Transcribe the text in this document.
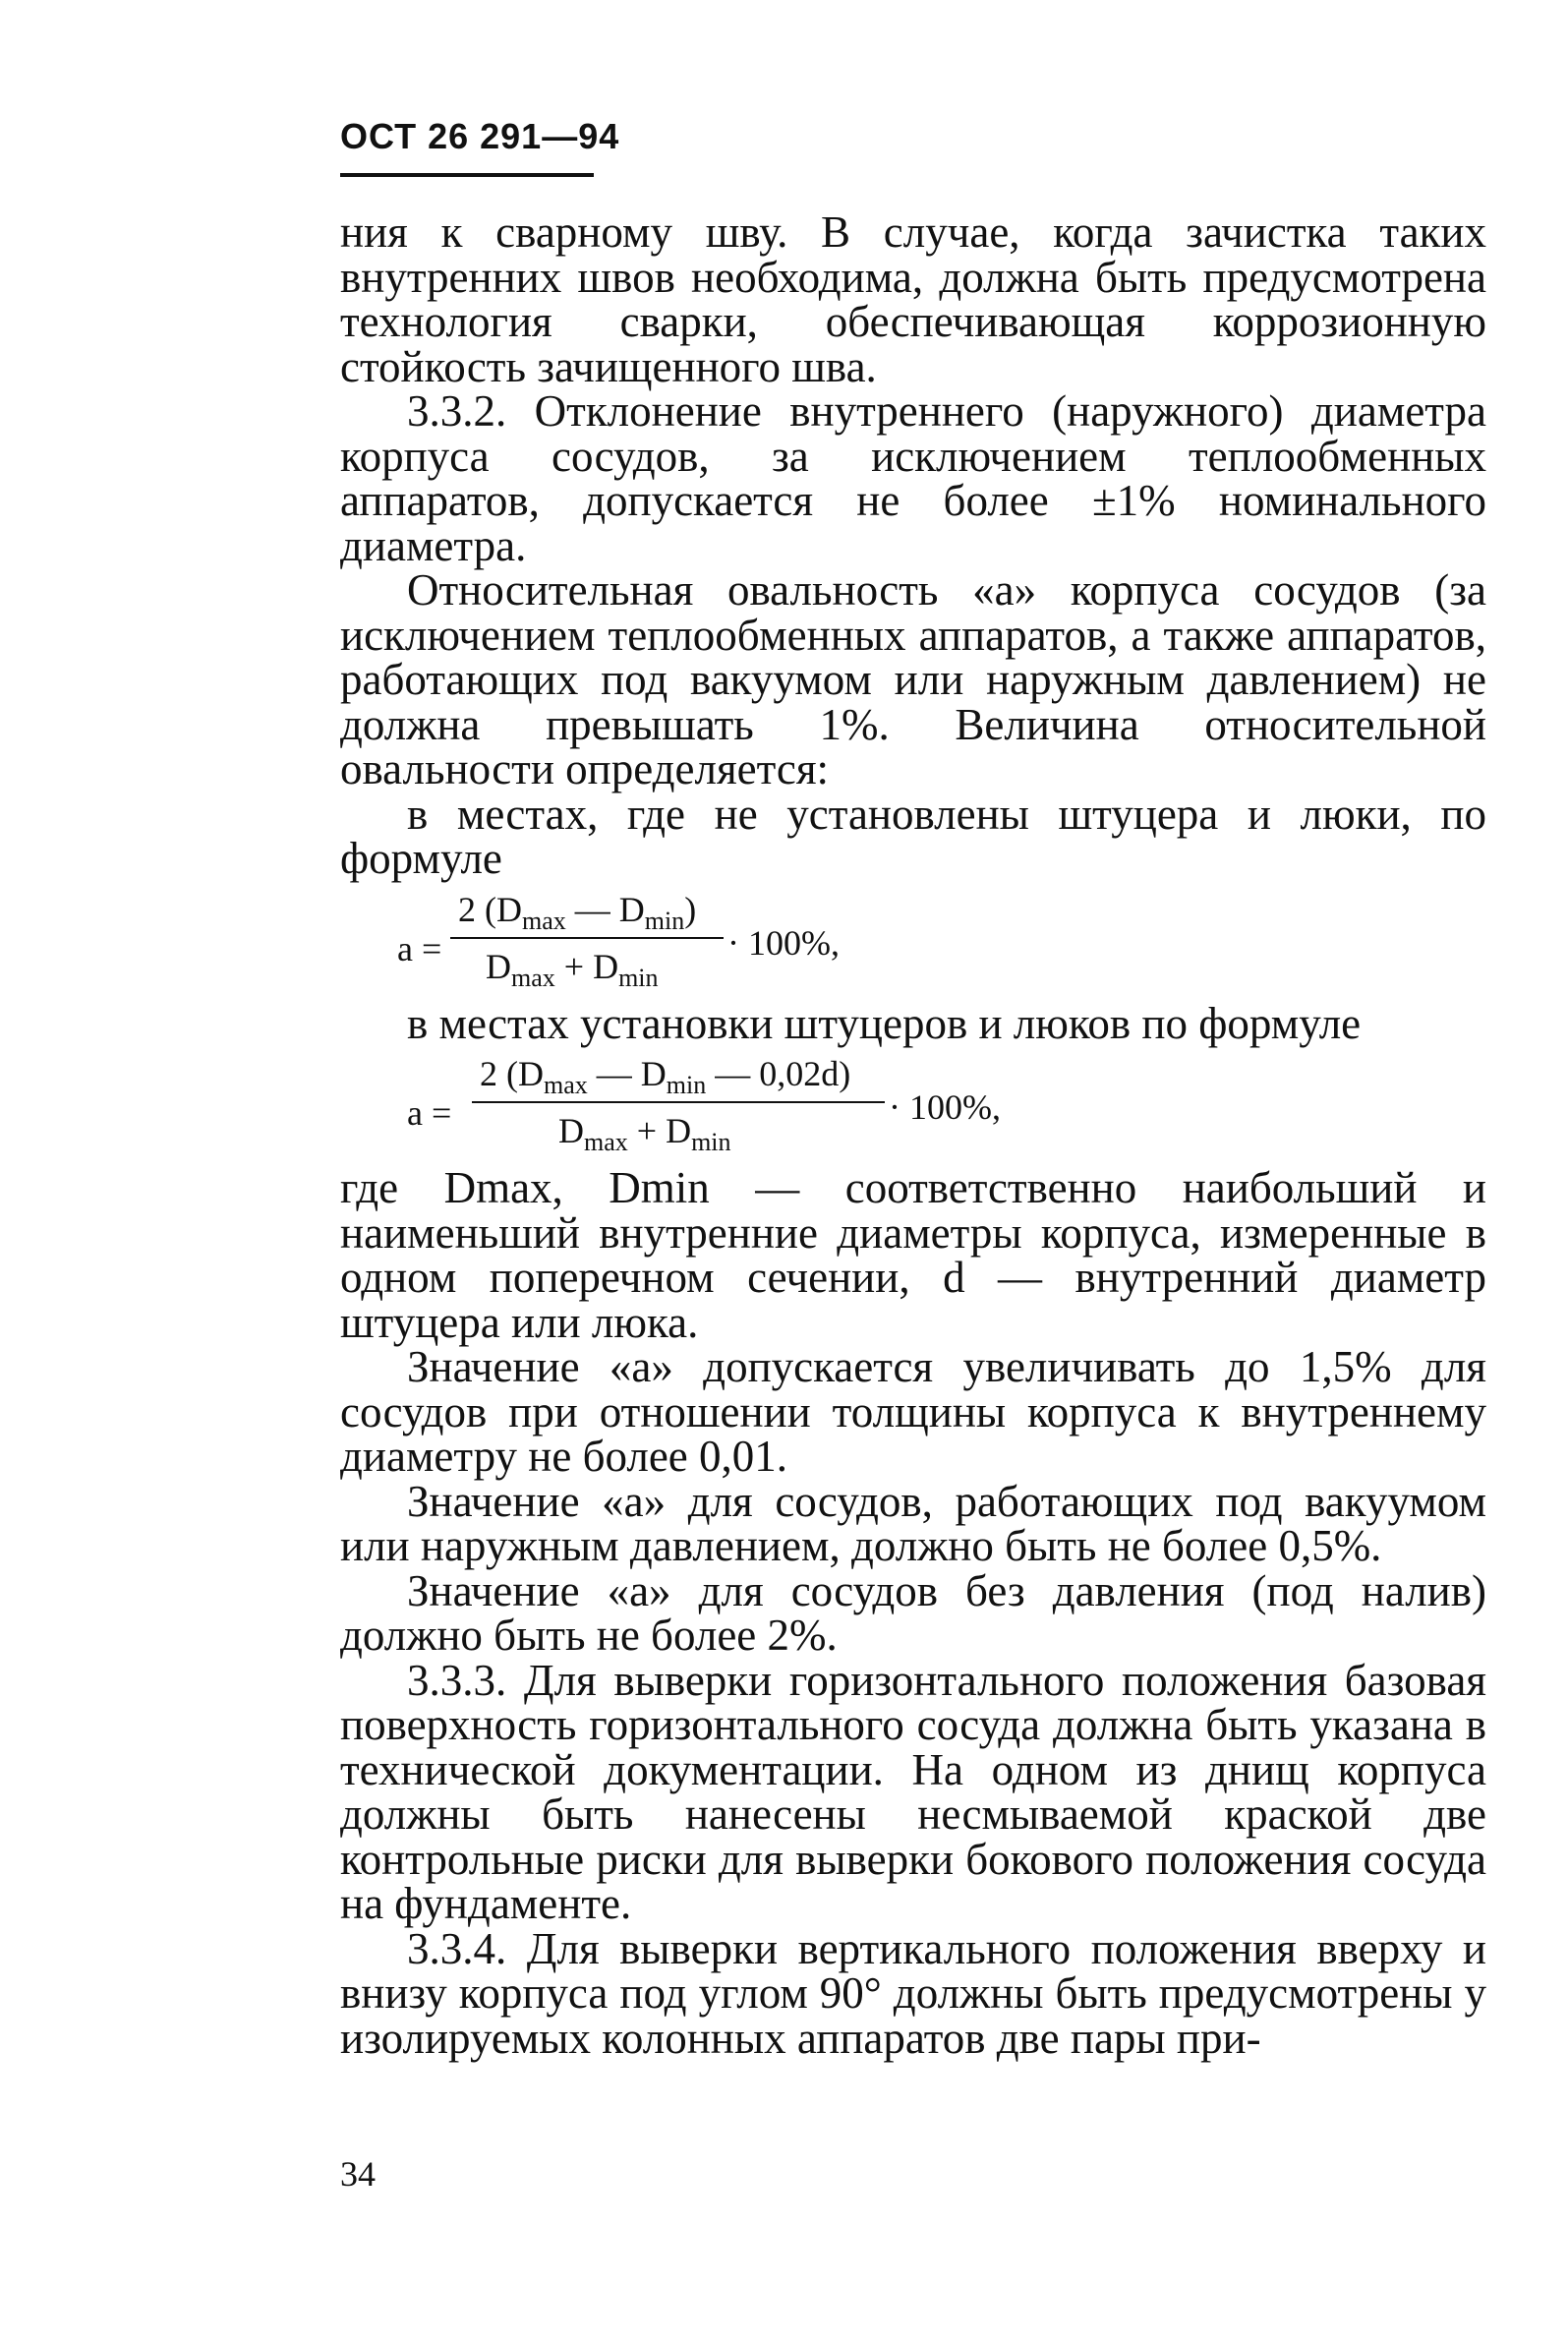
ОСТ 26 291—94

ния к сварному шву. В случае, когда зачистка таких внутренних швов необходима, должна быть предусмотрена технология сварки, обеспечивающая коррозионную стойкость зачищенного шва.

3.3.2. Отклонение внутреннего (наружного) диаметра корпуса сосудов, за исключением теплообменных аппаратов, допускается не более ±1% номинального диаметра.

Относительная овальность «а» корпуса сосудов (за исключением теплообменных аппаратов, а также аппаратов, работающих под вакуумом или наружным давлением) не должна превышать 1%. Величина относительной овальности определяется:

в местах, где не установлены штуцера и люки, по формуле

а =
2 ($D_{max}$ — $D_{min}$)
$D_{max} + D_{min}$
· 100%,

в местах установки штуцеров и люков по формуле

а =
2 ($D_{max}$ — $D_{min}$ — 0,02d)
$D_{max} + D_{min}$
· 100%,

где Dmax, Dmin — соответственно наибольший и наименьший внутренние диаметры корпуса, измеренные в одном поперечном сечении, d — внутренний диаметр штуцера или люка.

Значение «а» допускается увеличивать до 1,5% для сосудов при отношении толщины корпуса к внутреннему диаметру не более 0,01.

Значение «а» для сосудов, работающих под вакуумом или наружным давлением, должно быть не более 0,5%.

Значение «а» для сосудов без давления (под налив) должно быть не более 2%.

3.3.3. Для выверки горизонтального положения базовая поверхность горизонтального сосуда должна быть указана в технической документации. На одном из днищ корпуса должны быть нанесены несмываемой краской две контрольные риски для выверки бокового положения сосуда на фундаменте.

3.3.4. Для выверки вертикального положения вверху и внизу корпуса под углом 90° должны быть предусмотрены у изолируемых колонных аппаратов две пары при-

34
